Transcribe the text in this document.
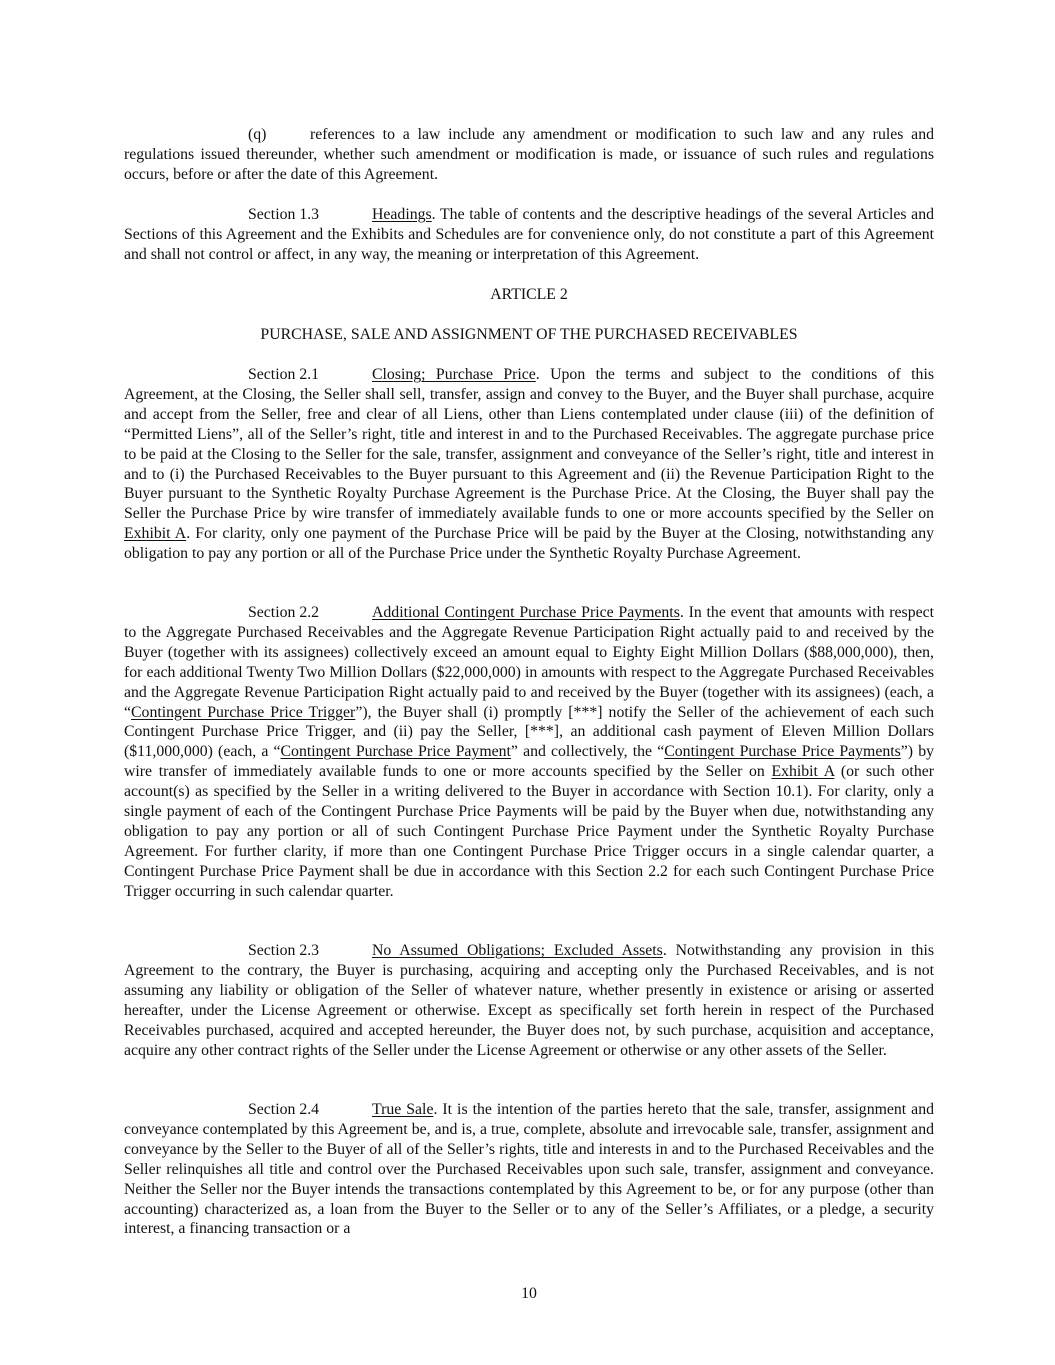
(q)	references to a law include any amendment or modification to such law and any rules and regulations issued thereunder, whether such amendment or modification is made, or issuance of such rules and regulations occurs, before or after the date of this Agreement.

Section 1.3	Headings. The table of contents and the descriptive headings of the several Articles and Sections of this Agreement and the Exhibits and Schedules are for convenience only, do not constitute a part of this Agreement and shall not control or affect, in any way, the meaning or interpretation of this Agreement.

ARTICLE 2

PURCHASE, SALE AND ASSIGNMENT OF THE PURCHASED RECEIVABLES

Section 2.1	Closing; Purchase Price. Upon the terms and subject to the conditions of this Agreement, at the Closing, the Seller shall sell, transfer, assign and convey to the Buyer, and the Buyer shall purchase, acquire and accept from the Seller, free and clear of all Liens, other than Liens contemplated under clause (iii) of the definition of “Permitted Liens”, all of the Seller’s right, title and interest in and to the Purchased Receivables. The aggregate purchase price to be paid at the Closing to the Seller for the sale, transfer, assignment and conveyance of the Seller’s right, title and interest in and to (i) the Purchased Receivables to the Buyer pursuant to this Agreement and (ii) the Revenue Participation Right to the Buyer pursuant to the Synthetic Royalty Purchase Agreement is the Purchase Price. At the Closing, the Buyer shall pay the Seller the Purchase Price by wire transfer of immediately available funds to one or more accounts specified by the Seller on Exhibit A. For clarity, only one payment of the Purchase Price will be paid by the Buyer at the Closing, notwithstanding any obligation to pay any portion or all of the Purchase Price under the Synthetic Royalty Purchase Agreement.

Section 2.2	Additional Contingent Purchase Price Payments. In the event that amounts with respect to the Aggregate Purchased Receivables and the Aggregate Revenue Participation Right actually paid to and received by the Buyer (together with its assignees) collectively exceed an amount equal to Eighty Eight Million Dollars ($88,000,000), then, for each additional Twenty Two Million Dollars ($22,000,000) in amounts with respect to the Aggregate Purchased Receivables and the Aggregate Revenue Participation Right actually paid to and received by the Buyer (together with its assignees) (each, a “Contingent Purchase Price Trigger”), the Buyer shall (i) promptly [***] notify the Seller of the achievement of each such Contingent Purchase Price Trigger, and (ii) pay the Seller, [***], an additional cash payment of Eleven Million Dollars ($11,000,000) (each, a “Contingent Purchase Price Payment” and collectively, the “Contingent Purchase Price Payments”) by wire transfer of immediately available funds to one or more accounts specified by the Seller on Exhibit A (or such other account(s) as specified by the Seller in a writing delivered to the Buyer in accordance with Section 10.1). For clarity, only a single payment of each of the Contingent Purchase Price Payments will be paid by the Buyer when due, notwithstanding any obligation to pay any portion or all of such Contingent Purchase Price Payment under the Synthetic Royalty Purchase Agreement. For further clarity, if more than one Contingent Purchase Price Trigger occurs in a single calendar quarter, a Contingent Purchase Price Payment shall be due in accordance with this Section 2.2 for each such Contingent Purchase Price Trigger occurring in such calendar quarter.

Section 2.3	No Assumed Obligations; Excluded Assets. Notwithstanding any provision in this Agreement to the contrary, the Buyer is purchasing, acquiring and accepting only the Purchased Receivables, and is not assuming any liability or obligation of the Seller of whatever nature, whether presently in existence or arising or asserted hereafter, under the License Agreement or otherwise. Except as specifically set forth herein in respect of the Purchased Receivables purchased, acquired and accepted hereunder, the Buyer does not, by such purchase, acquisition and acceptance, acquire any other contract rights of the Seller under the License Agreement or otherwise or any other assets of the Seller.

Section 2.4	True Sale. It is the intention of the parties hereto that the sale, transfer, assignment and conveyance contemplated by this Agreement be, and is, a true, complete, absolute and irrevocable sale, transfer, assignment and conveyance by the Seller to the Buyer of all of the Seller’s rights, title and interests in and to the Purchased Receivables and the Seller relinquishes all title and control over the Purchased Receivables upon such sale, transfer, assignment and conveyance. Neither the Seller nor the Buyer intends the transactions contemplated by this Agreement to be, or for any purpose (other than accounting) characterized as, a loan from the Buyer to the Seller or to any of the Seller’s Affiliates, or a pledge, a security interest, a financing transaction or a

10
